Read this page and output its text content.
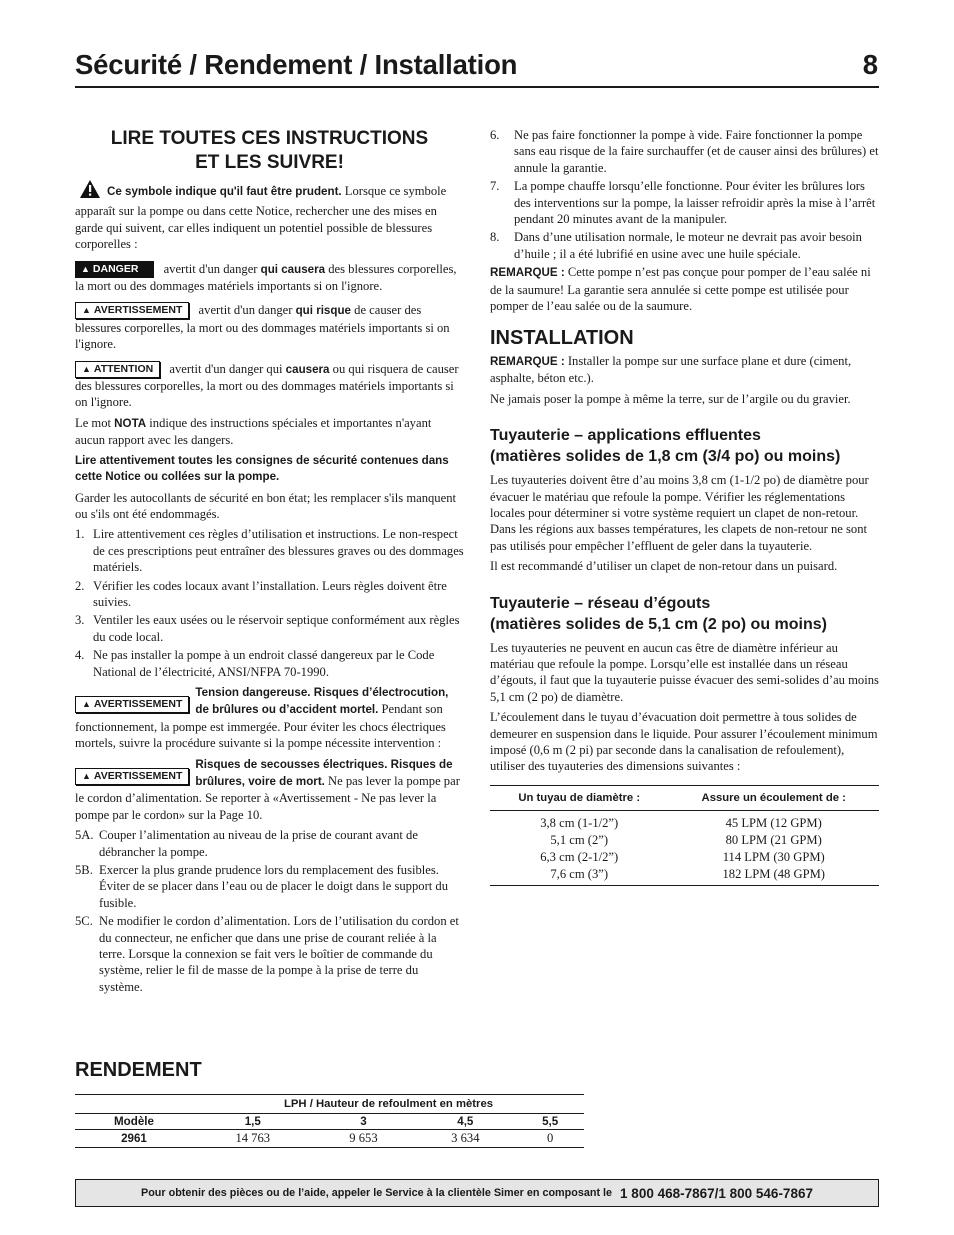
Sécurité / Rendement / Installation	8
LIRE TOUTES CES INSTRUCTIONS
ET LES SUIVRE!

Ce symbole indique qu'il faut être prudent. Lorsque ce symbole apparaît sur la pompe ou dans cette Notice, rechercher une des mises en garde qui suivent, car elles indiquent un potentiel possible de blessures corporelles :

▲ DANGER avertit d'un danger qui causera des blessures corporelles, la mort ou des dommages matériels importants si on l'ignore.

▲ AVERTISSEMENT avertit d'un danger qui risque de causer des blessures corporelles, la mort ou des dommages matériels importants si on l'ignore.

▲ ATTENTION avertit d'un danger qui causera ou qui risquera de causer des blessures corporelles, la mort ou des dommages matériels importants si on l'ignore.

Le mot NOTA indique des instructions spéciales et importantes n'ayant aucun rapport avec les dangers.

Lire attentivement toutes les consignes de sécurité contenues dans cette Notice ou collées sur la pompe.

Garder les autocollants de sécurité en bon état; les remplacer s'ils manquent ou s'ils ont été endommagés.

1. Lire attentivement ces règles d’utilisation et instructions. Le non-respect de ces prescriptions peut entraîner des blessures graves ou des dommages matériels.
2. Vérifier les codes locaux avant l’installation. Leurs règles doivent être suivies.
3. Ventiler les eaux usées ou le réservoir septique conformément aux règles du code local.
4. Ne pas installer la pompe à un endroit classé dangereux par le Code National de l’électricité, ANSI/NFPA 70-1990.

▲ AVERTISSEMENT
Tension dangereuse. Risques d’électrocution, de brûlures ou d’accident mortel. Pendant son fonctionnement, la pompe est immergée. Pour éviter les chocs électriques mortels, suivre la procédure suivante si la pompe nécessite intervention :

▲ AVERTISSEMENT
Risques de secousses électriques. Risques de brûlures, voire de mort. Ne pas lever la pompe par le cordon d’alimentation. Se reporter à «Avertissement - Ne pas lever la pompe par le cordon» sur la Page 10.

5A. Couper l’alimentation au niveau de la prise de courant avant de débrancher la pompe.
5B. Exercer la plus grande prudence lors du remplacement des fusibles.
Éviter de se placer dans l’eau ou de placer le doigt dans le support du fusible.
5C. Ne modifier le cordon d’alimentation. Lors de l’utilisation du cordon et du connecteur, ne enficher que dans une prise de courant reliée à la terre. Lorsque la connexion se fait vers le boîtier de commande du système, relier le fil de masse de la pompe à la prise de terre du système.
6.	Ne pas faire fonctionner la pompe à vide. Faire fonctionner la pompe sans eau risque de la faire surchauffer (et de causer ainsi des brûlures) et annule la garantie.
7.	La pompe chauffe lorsqu’elle fonctionne. Pour éviter les brûlures lors des interventions sur la pompe, la laisser refroidir après la mise à l’arrêt pendant 20 minutes avant de la manipuler.
8.	Dans d’une utilisation normale, le moteur ne devrait pas avoir besoin d’huile ; il a été lubrifié en usine avec une huile spéciale.

REMARQUE : Cette pompe n’est pas conçue pour pomper de l’eau salée ni de la saumure! La garantie sera annulée si cette pompe est utilisée pour pomper de l’eau salée ou de la saumure.

INSTALLATION

REMARQUE : Installer la pompe sur une surface plane et dure (ciment, asphalte, béton etc.).

Ne jamais poser la pompe à même la terre, sur de l’argile ou du gravier.

Tuyauterie – applications effluentes
(matières solides de 1,8 cm (3/4 po) ou moins)

Les tuyauteries doivent être d’au moins 3,8 cm (1-1/2 po) de diamètre pour évacuer le matériau que refoule la pompe. Vérifier les réglementations locales pour déterminer si votre système requiert un clapet de non-retour. Dans les régions aux basses températures, les clapets de non-retour ne sont pas utilisés pour empêcher l’effluent de geler dans la tuyauterie.

Il est recommandé d’utiliser un clapet de non-retour dans un puisard.

Tuyauterie – réseau d’égouts
(matières solides de 5,1 cm (2 po) ou moins)

Les tuyauteries ne peuvent en aucun cas être de diamètre inférieur au matériau que refoule la pompe. Lorsqu’elle est installée dans un réseau d’égouts, il faut que la tuyauterie puisse évacuer des semi-solides d’au moins 5,1 cm (2 po) de diamètre.

L’écoulement dans le tuyau d’évacuation doit permettre à tous solides de demeurer en suspension dans le liquide. Pour assurer l’écoulement minimum imposé (0,6 m (2 pi) par seconde dans la canalisation de refoulement), utiliser des tuyauteries des dimensions suivantes :

Un tuyau de diamètre :	Assure un écoulement de :

3,8 cm (1-1/2”)	45 LPM (12 GPM)
5,1 cm (2”)	80 LPM (21 GPM)
6,3 cm (2-1/2”)	114 LPM (30 GPM)
7,6 cm (3”)	182 LPM (48 GPM)
RENDEMENT
	LPH / Hauteur de refoulment en mètres			
Modèle	1,5	3	4,5	5,5
2961	14 763	9 653	3 634	0
Pour obtenir des pièces ou de l’aide, appeler le Service à la clientèle Simer en composant le 1 800 468-7867/1 800 546-7867
